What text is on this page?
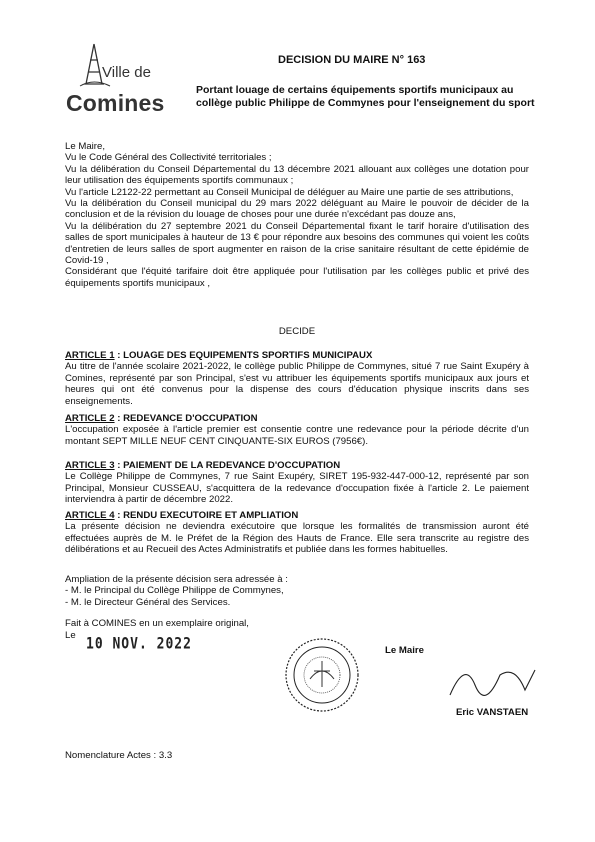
Ville de
Comines
DECISION DU MAIRE N° 163
Portant louage de certains équipements sportifs municipaux au collège public Philippe de Commynes pour l'enseignement du sport
Le Maire,
Vu le Code Général des Collectivité territoriales ;
Vu la délibération du Conseil Départemental du 13 décembre 2021 allouant aux collèges une dotation pour leur utilisation des équipements sportifs communaux ;
Vu l'article L2122-22 permettant au Conseil Municipal de déléguer au Maire une partie de ses attributions,
Vu la délibération du Conseil municipal du 29 mars 2022 déléguant au Maire le pouvoir de décider de la conclusion et de la révision du louage de choses pour une durée n'excédant pas douze ans,
Vu la délibération du 27 septembre 2021 du Conseil Départemental fixant le tarif horaire d'utilisation des salles de sport municipales à hauteur de 13 € pour répondre aux besoins des communes qui voient les coûts d'entretien de leurs salles de sport augmenter en raison de la crise sanitaire résultant de cette épidémie de Covid-19 ,
Considérant que l'équité tarifaire doit être appliquée pour l'utilisation par les collèges public et privé des équipements sportifs municipaux ,
DECIDE
ARTICLE 1 : LOUAGE DES EQUIPEMENTS SPORTIFS MUNICIPAUX
Au titre de l'année scolaire 2021-2022, le collège public Philippe de Commynes, situé 7 rue Saint Exupéry à Comines, représenté par son Principal, s'est vu attribuer les équipements sportifs municipaux aux jours et heures qui ont été convenus pour la dispense des cours d'éducation physique inscrits dans ses enseignements.
ARTICLE 2 : REDEVANCE D'OCCUPATION
L'occupation exposée à l'article premier est consentie contre une redevance pour la période décrite d'un montant SEPT MILLE NEUF CENT CINQUANTE-SIX EUROS (7956€).
ARTICLE 3 : PAIEMENT DE LA REDEVANCE D'OCCUPATION
Le Collège Philippe de Commynes, 7 rue Saint Exupéry, SIRET 195-932-447-000-12, représenté par son Principal, Monsieur CUSSEAU, s'acquittera de la redevance d'occupation fixée à l'article 2. Le paiement interviendra à partir de décembre 2022.
ARTICLE 4 : RENDU EXECUTOIRE ET AMPLIATION
La présente décision ne deviendra exécutoire que lorsque les formalités de transmission auront été effectuées auprès de M. le Préfet de la Région des Hauts de France. Elle sera transcrite au registre des délibérations et au Recueil des Actes Administratifs et publiée dans les formes habituelles.
Ampliation de la présente décision sera adressée à :
- M. le Principal du Collège Philippe de Commynes,
- M. le Directeur Général des Services.
Fait à COMINES en un exemplaire original,
Le 10 NOV. 2022	Le Maire
Eric VANSTAEN
Nomenclature Actes : 3.3
